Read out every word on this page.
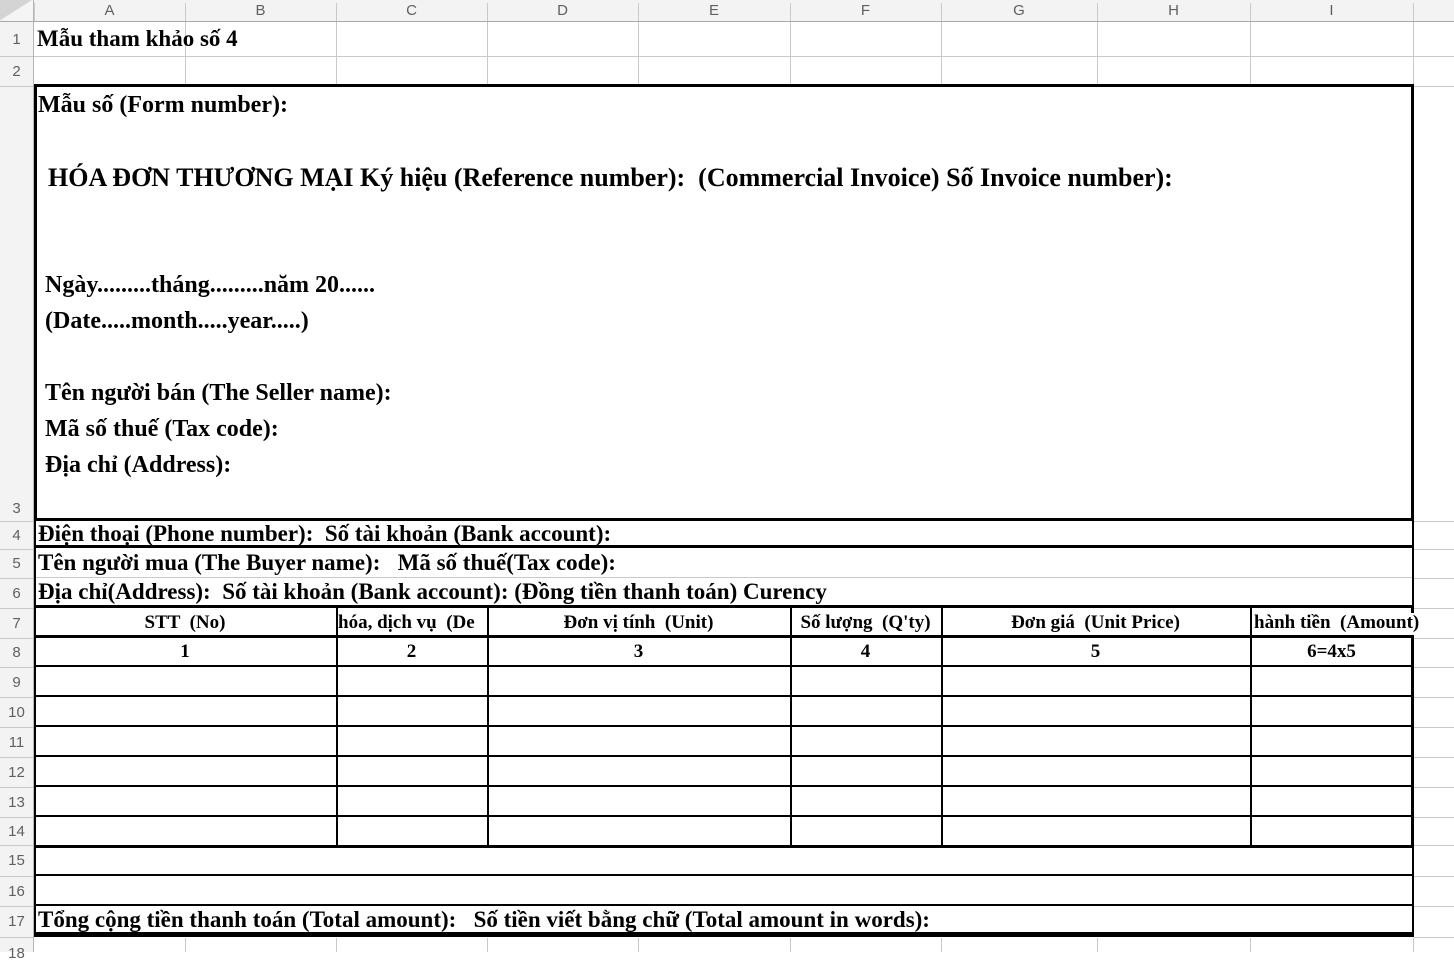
A	B	C	D	E	F	G	H	I
1
2
3
4
5
6
7
8
9
10
11
12
13
14
15
16
17
18
Mẫu tham khảo số 4
Mẫu số (Form number):
HÓA ĐƠN THƯƠNG MẠI Ký hiệu (Reference number):  (Commercial Invoice) Số Invoice number):
Ngày.........tháng.........năm 20......
(Date.....month.....year.....)
Tên người bán (The Seller name):
Mã số thuế (Tax code):
Địa chỉ (Address):
Điện thoại (Phone number):  Số tài khoản (Bank account):
Tên người mua (The Buyer name):   Mã số thuế(Tax code):
Địa chỉ(Address):  Số tài khoản (Bank account): (Đồng tiền thanh toán) Curency
STT  (No)	hóa, dịch vụ  (De	Đơn vị tính  (Unit)	Số lượng  (Q'ty)	Đơn giá  (Unit Price)	hành tiền  (Amount)
1	2	3	4	5	6=4x5
Tổng cộng tiền thanh toán (Total amount):   Số tiền viết bằng chữ (Total amount in words):
